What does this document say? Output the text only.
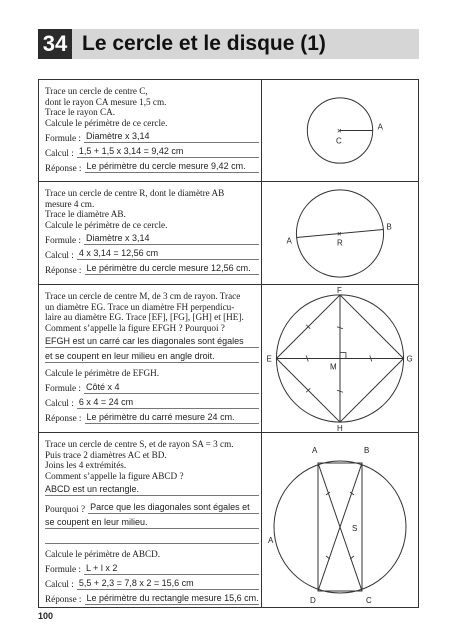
34 Le cercle et le disque (1)

Trace un cercle de centre C,

dont le rayon CA mesure 1,5 cm.

Trace le rayon CA.

Calcule le périmètre de ce cercle.

Formule : Diamètre x 3,14
Calcul : 1,5 + 1,5 x 3,14 = 9,42 cm
Réponse : Le périmètre du cercle mesure 9,42 cm.
×
C
A

Trace un cercle de centre R, dont le diamètre AB

mesure 4 cm.

Trace le diamètre AB.

Calcule le périmètre de ce cercle.

Formule : Diamètre x 3,14
Calcul : 4 x 3,14 = 12,56 cm
Réponse : Le périmètre du cercle mesure 12,56 cm.
×
R
A
B

Trace un cercle de centre M, de 3 cm de rayon. Trace

un diamètre EG. Trace un diamètre FH perpendicu-

laire au diamètre EG. Trace [EF], [FG], [GH] et [HE].

Comment s’appelle la figure EFGH ? Pourquoi ?

EFGH est un carré car les diagonales sont égales
et se coupent en leur milieu en angle droit.

Calcule le périmètre de EFGH.

Formule : Côté x 4
Calcul : 6 x 4 = 24 cm
Réponse : Le périmètre du carré mesure 24 cm.
M
E
F
G
H

Trace un cercle de centre S, et de rayon SA = 3 cm.

Puis trace 2 diamètres AC et BD.

Joins les 4 extrémités.

Comment s’appelle la figure ABCD ?

ABCD est un rectangle.
Pourquoi ? Parce que les diagonales sont égales et
se coupent en leur milieu.

Calcule le périmètre de ABCD.

Formule : L + l x 2
Calcul : 5,5 + 2,3 = 7,8 x 2 = 15,6 cm
Réponse : Le périmètre du rectangle mesure 15,6 cm.
S
A	B
A
C
D
100
